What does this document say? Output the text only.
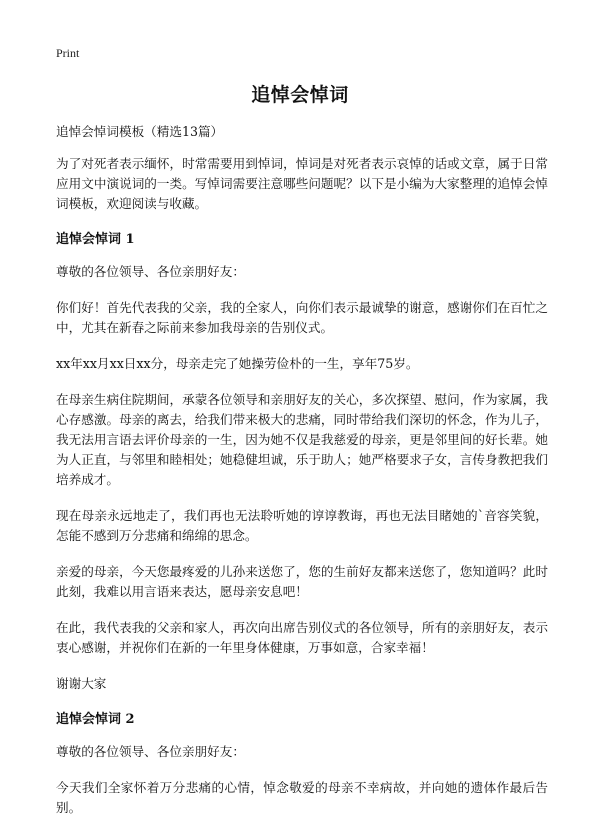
Print
追悼会悼词

追悼会悼词模板（精选13篇）

为了对死者表示缅怀，时常需要用到悼词，悼词是对死者表示哀悼的话或文章，属于日常应用文中演说词的一类。写悼词需要注意哪些问题呢？以下是小编为大家整理的追悼会悼词模板，欢迎阅读与收藏。

追悼会悼词 1

尊敬的各位领导、各位亲朋好友：

你们好！首先代表我的父亲，我的全家人，向你们表示最诚挚的谢意，感谢你们在百忙之中，尤其在新春之际前来参加我母亲的告别仪式。

xx年xx月xx日xx分，母亲走完了她操劳俭朴的一生，享年75岁。

在母亲生病住院期间，承蒙各位领导和亲朋好友的关心，多次探望、慰问，作为家属，我心存感激。母亲的离去，给我们带来极大的悲痛，同时带给我们深切的怀念，作为儿子，我无法用言语去评价母亲的一生，因为她不仅是我慈爱的母亲，更是邻里间的好长辈。她为人正直，与邻里和睦相处；她稳健坦诚，乐于助人；她严格要求子女，言传身教把我们培养成才。

现在母亲永远地走了，我们再也无法聆听她的谆谆教诲，再也无法目睹她的`音容笑貌，怎能不感到万分悲痛和绵绵的思念。

亲爱的母亲，今天您最疼爱的儿孙来送您了，您的生前好友都来送您了，您知道吗？此时此刻，我难以用言语来表达，愿母亲安息吧！

在此，我代表我的父亲和家人，再次向出席告别仪式的各位领导，所有的亲朋好友，表示衷心感谢，并祝你们在新的一年里身体健康，万事如意，合家幸福！

谢谢大家

追悼会悼词 2

尊敬的各位领导、各位亲朋好友：

今天我们全家怀着万分悲痛的心情，悼念敬爱的母亲不幸病故，并向她的遗体作最后告别。
